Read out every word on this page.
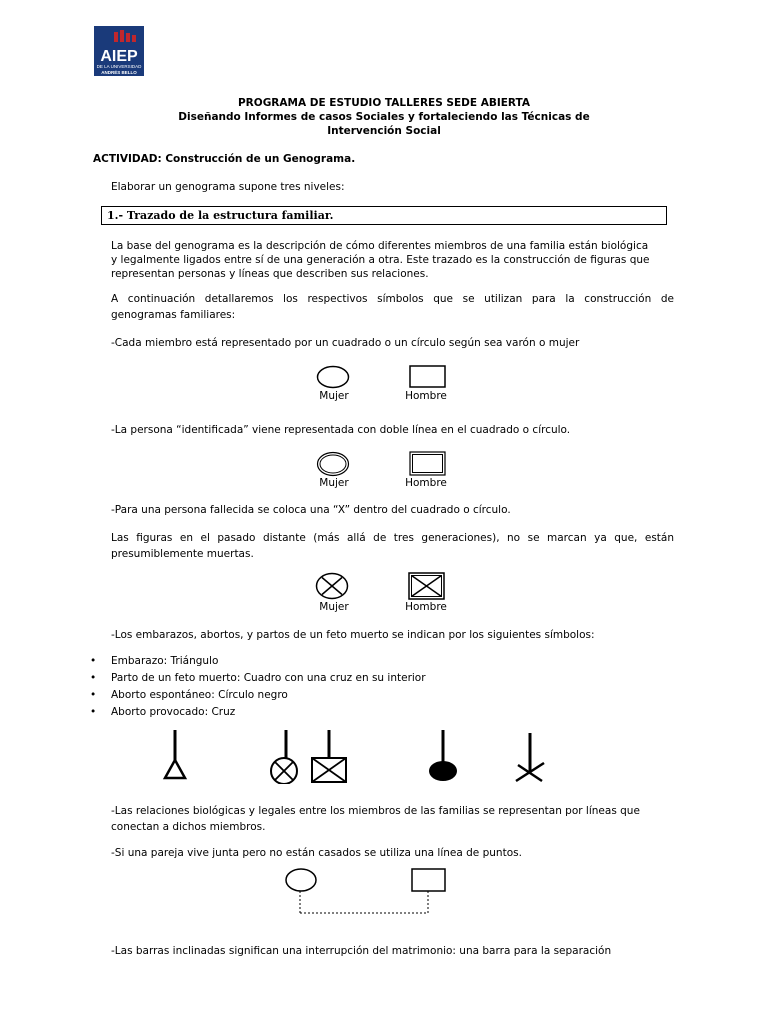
AIEP
DE LA UNIVERSIDAD
ANDRÉS BELLO
PROGRAMA DE ESTUDIO TALLERES SEDE ABIERTA
Diseñando Informes de casos Sociales y fortaleciendo las Técnicas de
Intervención Social
ACTIVIDAD: Construcción de un Genograma.
Elaborar un genograma supone tres niveles:
1.- Trazado de la estructura familiar.
La base del genograma es la descripción de cómo diferentes miembros de una familia están biológica
y legalmente ligados entre sí de una generación a otra. Este trazado es la construcción de figuras que
representan personas y líneas que describen sus relaciones.
A continuación detallaremos los respectivos símbolos que se utilizan para la construcción de
genogramas familiares:
-Cada miembro está representado por un cuadrado o un círculo según sea varón o mujer
Mujer	Hombre
-La persona “identificada” viene representada con doble línea en el cuadrado o círculo.
Mujer	Hombre
-Para una persona fallecida se coloca una “X” dentro del cuadrado o círculo.
Las figuras en el pasado distante (más allá de tres generaciones), no se marcan ya que, están
presumiblemente muertas.
Mujer	Hombre
-Los embarazos, abortos, y partos de un feto muerto se indican por los siguientes símbolos:
• Embarazo: Triángulo
• Parto de un feto muerto: Cuadro con una cruz en su interior
• Aborto espontáneo: Círculo negro
• Aborto provocado: Cruz
-Las relaciones biológicas y legales entre los miembros de las familias se representan por líneas que
conectan a dichos miembros.
-Si una pareja vive junta pero no están casados se utiliza una línea de puntos.
-Las barras inclinadas significan una interrupción del matrimonio: una barra para la separación
